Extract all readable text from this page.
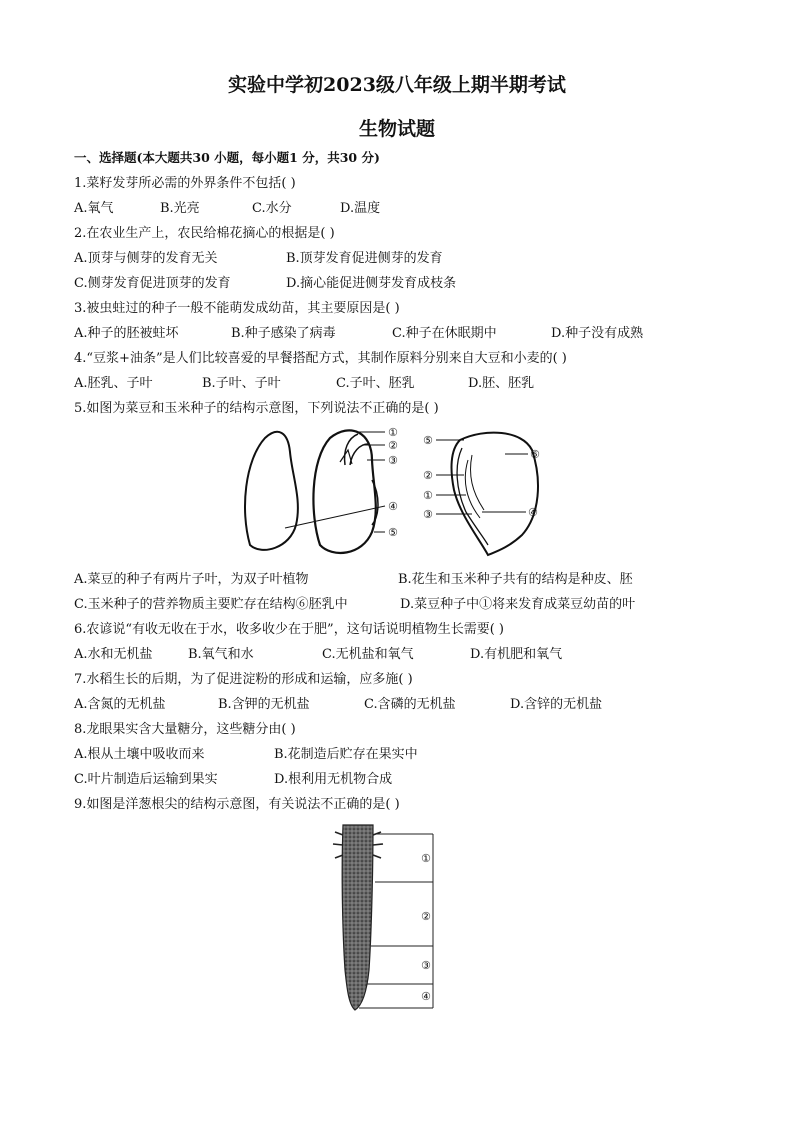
实验中学初2023级八年级上期半期考试
生物试题
一、选择题(本大题共30 小题，每小题1 分，共30 分)
1.菜籽发芽所必需的外界条件不包括( )
A.氧气	B.光亮	C.水分	D.温度
2.在农业生产上，农民给棉花摘心的根据是( )
A.顶芽与侧芽的发育无关	B.顶芽发育促进侧芽的发育
C.侧芽发育促进顶芽的发育	D.摘心能促进侧芽发育成枝条
3.被虫蛀过的种子一般不能萌发成幼苗，其主要原因是( )
A.种子的胚被蛀坏	B.种子感染了病毒	C.种子在休眠期中	D.种子没有成熟
4.“豆浆+油条”是人们比较喜爱的早餐搭配方式，其制作原料分别来自大豆和小麦的( )
A.胚乳、子叶	B.子叶、子叶	C.子叶、胚乳	D.胚、胚乳
5.如图为菜豆和玉米种子的结构示意图，下列说法不正确的是( )
①
②
③
④
⑤
⑤
⑥
②
①
③	④
A.菜豆的种子有两片子叶，为双子叶植物	B.花生和玉米种子共有的结构是种皮、胚
C.玉米种子的营养物质主要贮存在结构⑥胚乳中	D.菜豆种子中①将来发育成菜豆幼苗的叶
6.农谚说“有收无收在于水，收多收少在于肥”，这句话说明植物生长需要( )
A.水和无机盐	B.氧气和水	C.无机盐和氧气	D.有机肥和氧气
7.水稻生长的后期，为了促进淀粉的形成和运输，应多施( )
A.含氮的无机盐	B.含钾的无机盐	C.含磷的无机盐	D.含锌的无机盐
8.龙眼果实含大量糖分，这些糖分由( )
A.根从土壤中吸收而来	B.花制造后贮存在果实中
C.叶片制造后运输到果实	D.根利用无机物合成
9.如图是洋葱根尖的结构示意图，有关说法不正确的是( )
①
②
③
④
